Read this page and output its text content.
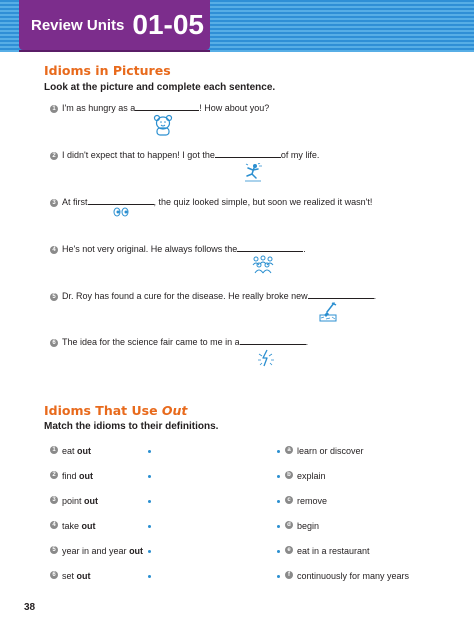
Review Units 01-05
Idioms in Pictures
Look at the picture and complete each sentence.
1 I'm as hungry as a	! How about you?
2 I didn't expect that to happen! I got the	of my life.
3 At first	, the quiz looked simple, but soon we realized it wasn't!
4 He's not very original. He always follows the	.
5 Dr. Roy has found a cure for the disease. He really broke new	.
6 The idea for the science fair came to me in a	.
Idioms That Use Out
Match the idioms to their definitions.
1 eat
out
2 find
out
3 point
out
4 take
out
5 year in and year
out
6 set
out
a learn or discover
b explain
c remove
d begin
e eat in a restaurant
f continuously for many years
38
